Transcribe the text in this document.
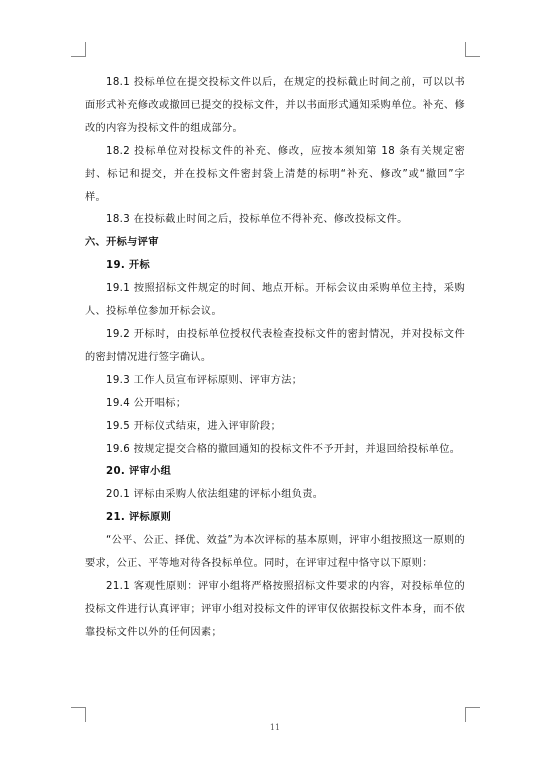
18.1 投标单位在提交投标文件以后，在规定的投标截止时间之前，可以以书面形式补充修改或撤回已提交的投标文件，并以书面形式通知采购单位。补充、修改的内容为投标文件的组成部分。

18.2 投标单位对投标文件的补充、修改，应按本须知第 18 条有关规定密封、标记和提交，并在投标文件密封袋上清楚的标明“补充、修改”或“撤回”字样。

18.3 在投标截止时间之后，投标单位不得补充、修改投标文件。

六、开标与评审

19. 开标

19.1 按照招标文件规定的时间、地点开标。开标会议由采购单位主持，采购人、投标单位参加开标会议。

19.2 开标时，由投标单位授权代表检查投标文件的密封情况，并对投标文件的密封情况进行签字确认。

19.3 工作人员宣布评标原则、评审方法；

19.4 公开唱标；

19.5 开标仪式结束，进入评审阶段；

19.6 按规定提交合格的撤回通知的投标文件不予开封，并退回给投标单位。

20. 评审小组

20.1 评标由采购人依法组建的评标小组负责。

21. 评标原则

“公平、公正、择优、效益”为本次评标的基本原则，评审小组按照这一原则的要求，公正、平等地对待各投标单位。同时，在评审过程中恪守以下原则：

21.1 客观性原则：评审小组将严格按照招标文件要求的内容，对投标单位的投标文件进行认真评审；评审小组对投标文件的评审仅依据投标文件本身，而不依靠投标文件以外的任何因素；

11
